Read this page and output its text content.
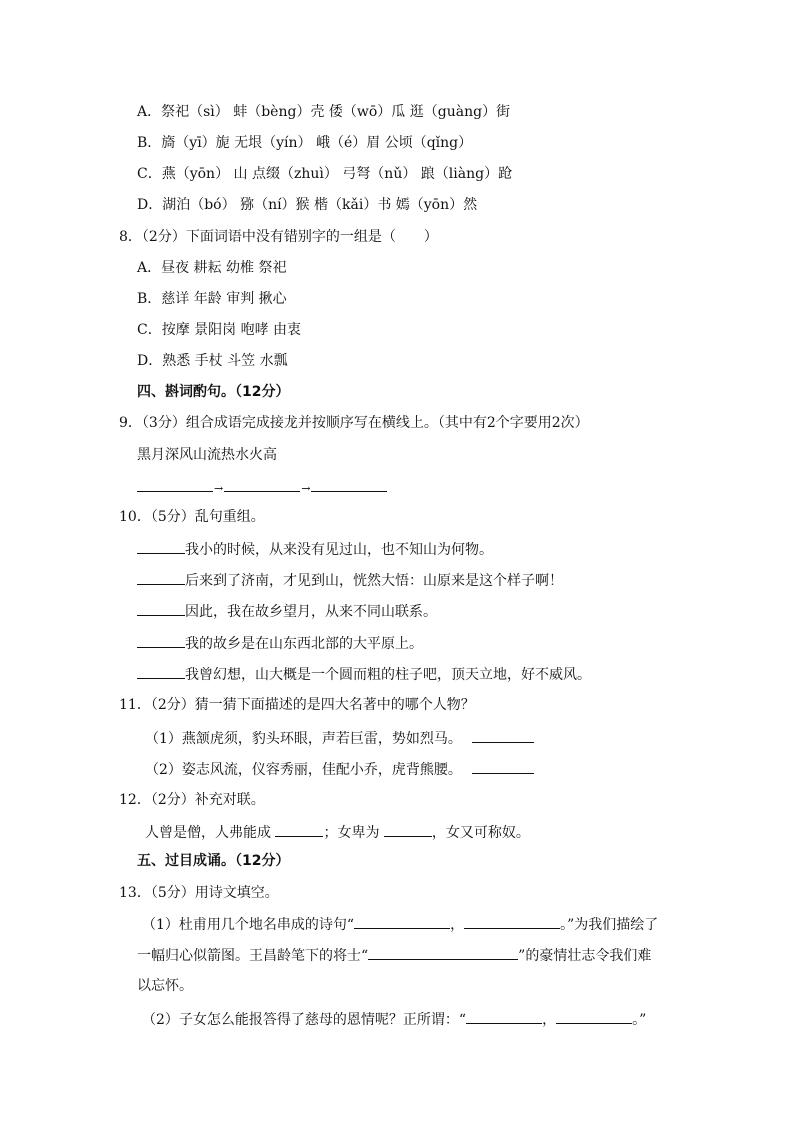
A．祭祀（sì） 蚌（bèng）壳 倭（wō）瓜 逛（guàng）街
B．旖（yī）旎 无垠（yín） 峨（é）眉 公顷（qǐng）
C．燕（yōn） 山 点缀（zhuì） 弓弩（nǔ） 踉（liàng）跄
D．湖泊（bó） 猕（ní）猴 楷（kǎi）书 嫣（yōn）然
8．（2分）下面词语中没有错别字的一组是（　　）
A．昼夜 耕耘 幼椎 祭祀
B．慈详 年龄 审判 揪心
C．按摩 景阳岗 咆哮 由衷
D．熟悉 手杖 斗笠 水瓢
四、斟词酌句。（12分）
9．（3分）组合成语完成接龙并按顺序写在横线上。（其中有2个字要用2次）
黑月深风山流热水火高
→	→
10．（5分）乱句重组。
我小的时候，从来没有见过山，也不知山为何物。
后来到了济南，才见到山，恍然大悟：山原来是这个样子啊！
因此，我在故乡望月，从来不同山联系。
我的故乡是在山东西北部的大平原上。
我曾幻想，山大概是一个圆而粗的柱子吧，顶天立地，好不威风。
11．（2分）猜一猜下面描述的是四大名著中的哪个人物？
（1）燕颔虎须，豹头环眼，声若巨雷，势如烈马。
（2）姿志风流，仪容秀丽，佳配小乔，虎背熊腰。
12．（2分）补充对联。
人曾是僧，人弗能成	；女卑为	，女又可称奴。
五、过目成诵。（12分）
13．（5分）用诗文填空。
（1）杜甫用几个地名串成的诗句“	，	。”为我们描绘了
一幅归心似箭图。王昌龄笔下的将士“	”的豪情壮志令我们难
以忘怀。
（2）子女怎么能报答得了慈母的恩情呢？正所谓：“	，	。”
